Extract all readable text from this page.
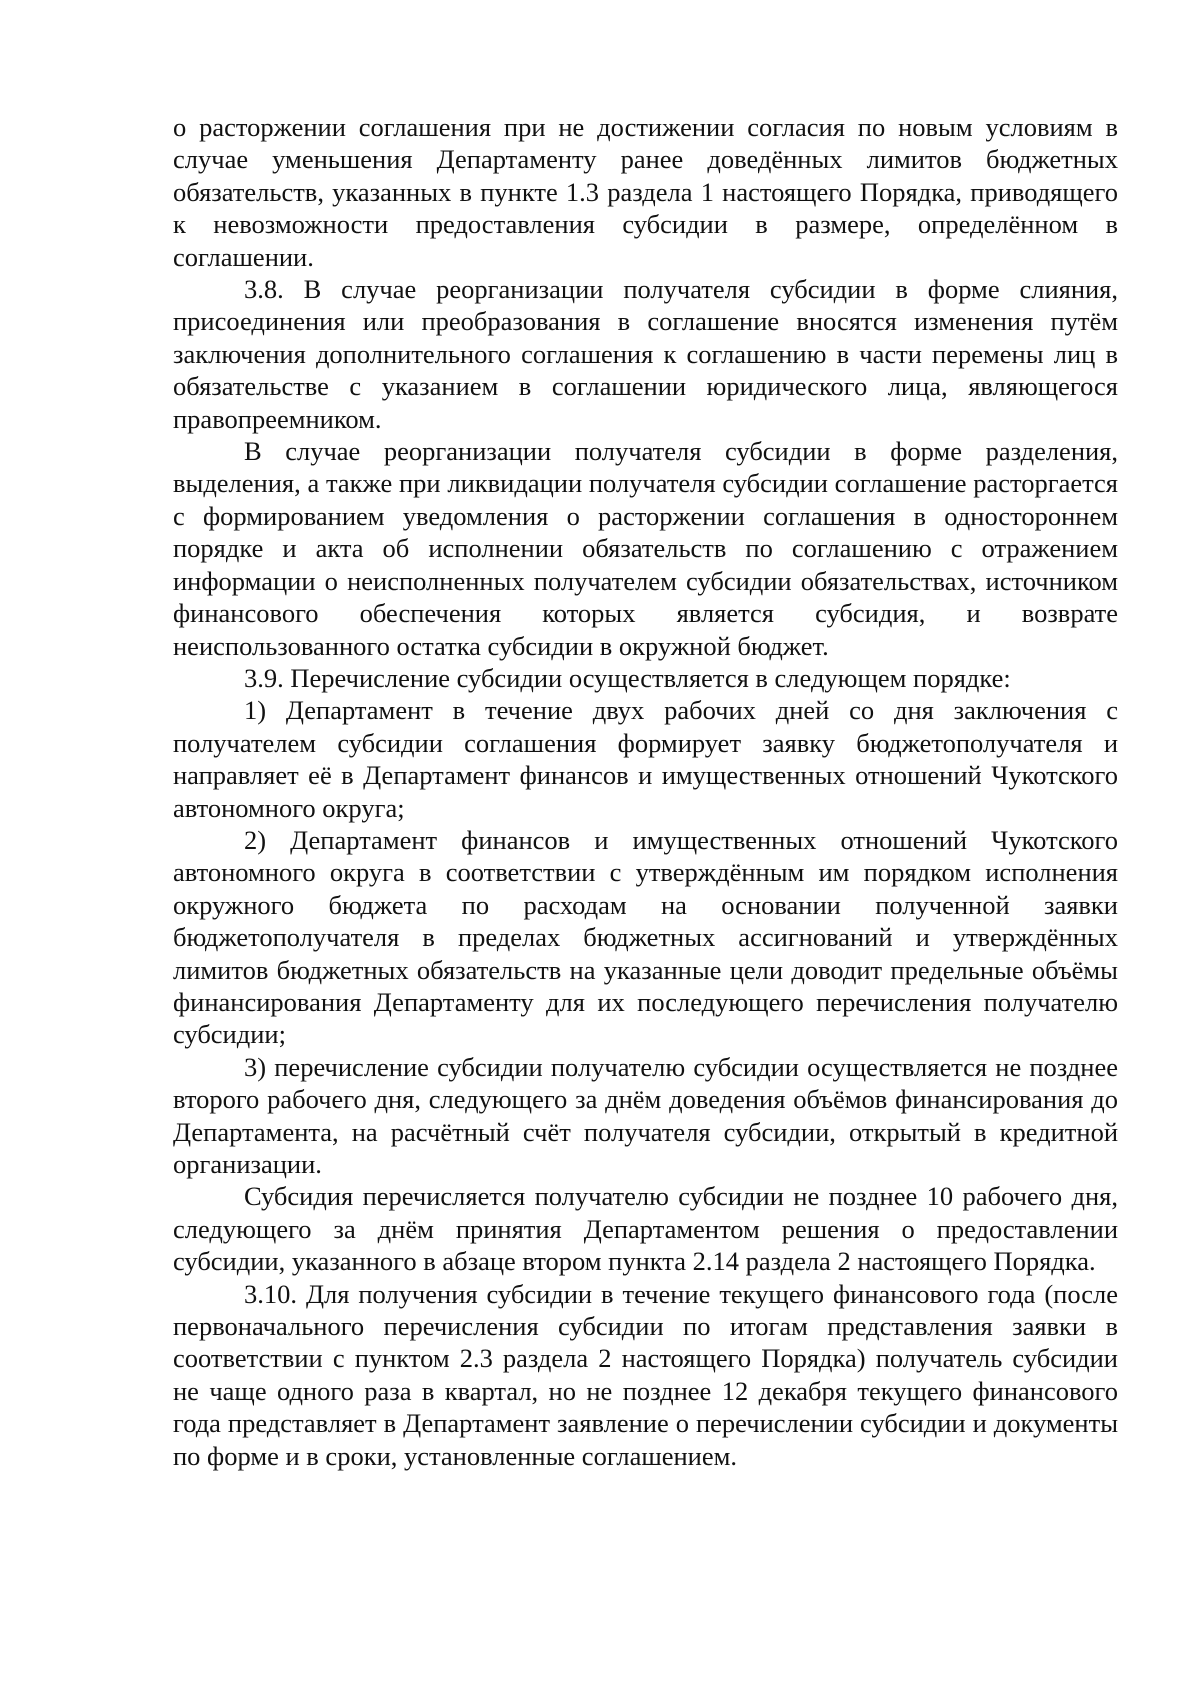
о расторжении соглашения при не достижении согласия по новым условиям в случае уменьшения Департаменту ранее доведённых лимитов бюджетных обязательств, указанных в пункте 1.3 раздела 1 настоящего Порядка, приводящего к невозможности предоставления субсидии в размере, определённом в соглашении.

3.8. В случае реорганизации получателя субсидии в форме слияния, присоединения или преобразования в соглашение вносятся изменения путём заключения дополнительного соглашения к соглашению в части перемены лиц в обязательстве с указанием в соглашении юридического лица, являющегося правопреемником.

В случае реорганизации получателя субсидии в форме разделения, выделения, а также при ликвидации получателя субсидии соглашение расторгается с формированием уведомления о расторжении соглашения в одностороннем порядке и акта об исполнении обязательств по соглашению с отражением информации о неисполненных получателем субсидии обязательствах, источником финансового обеспечения которых является субсидия, и возврате неиспользованного остатка субсидии в окружной бюджет.

3.9. Перечисление субсидии осуществляется в следующем порядке:

1) Департамент в течение двух рабочих дней со дня заключения с получателем субсидии соглашения формирует заявку бюджетополучателя и направляет её в Департамент финансов и имущественных отношений Чукотского автономного округа;

2) Департамент финансов и имущественных отношений Чукотского автономного округа в соответствии с утверждённым им порядком исполнения окружного бюджета по расходам на основании полученной заявки бюджетополучателя в пределах бюджетных ассигнований и утверждённых лимитов бюджетных обязательств на указанные цели доводит предельные объёмы финансирования Департаменту для их последующего перечисления получателю субсидии;

3) перечисление субсидии получателю субсидии осуществляется не позднее второго рабочего дня, следующего за днём доведения объёмов финансирования до Департамента, на расчётный счёт получателя субсидии, открытый в кредитной организации.

Субсидия перечисляется получателю субсидии не позднее 10 рабочего дня, следующего за днём принятия Департаментом решения о предоставлении субсидии, указанного в абзаце втором пункта 2.14 раздела 2 настоящего Порядка.

3.10. Для получения субсидии в течение текущего финансового года (после первоначального перечисления субсидии по итогам представления заявки в соответствии с пунктом 2.3 раздела 2 настоящего Порядка) получатель субсидии не чаще одного раза в квартал, но не позднее 12 декабря текущего финансового года представляет в Департамент заявление о перечислении субсидии и документы по форме и в сроки, установленные соглашением.
